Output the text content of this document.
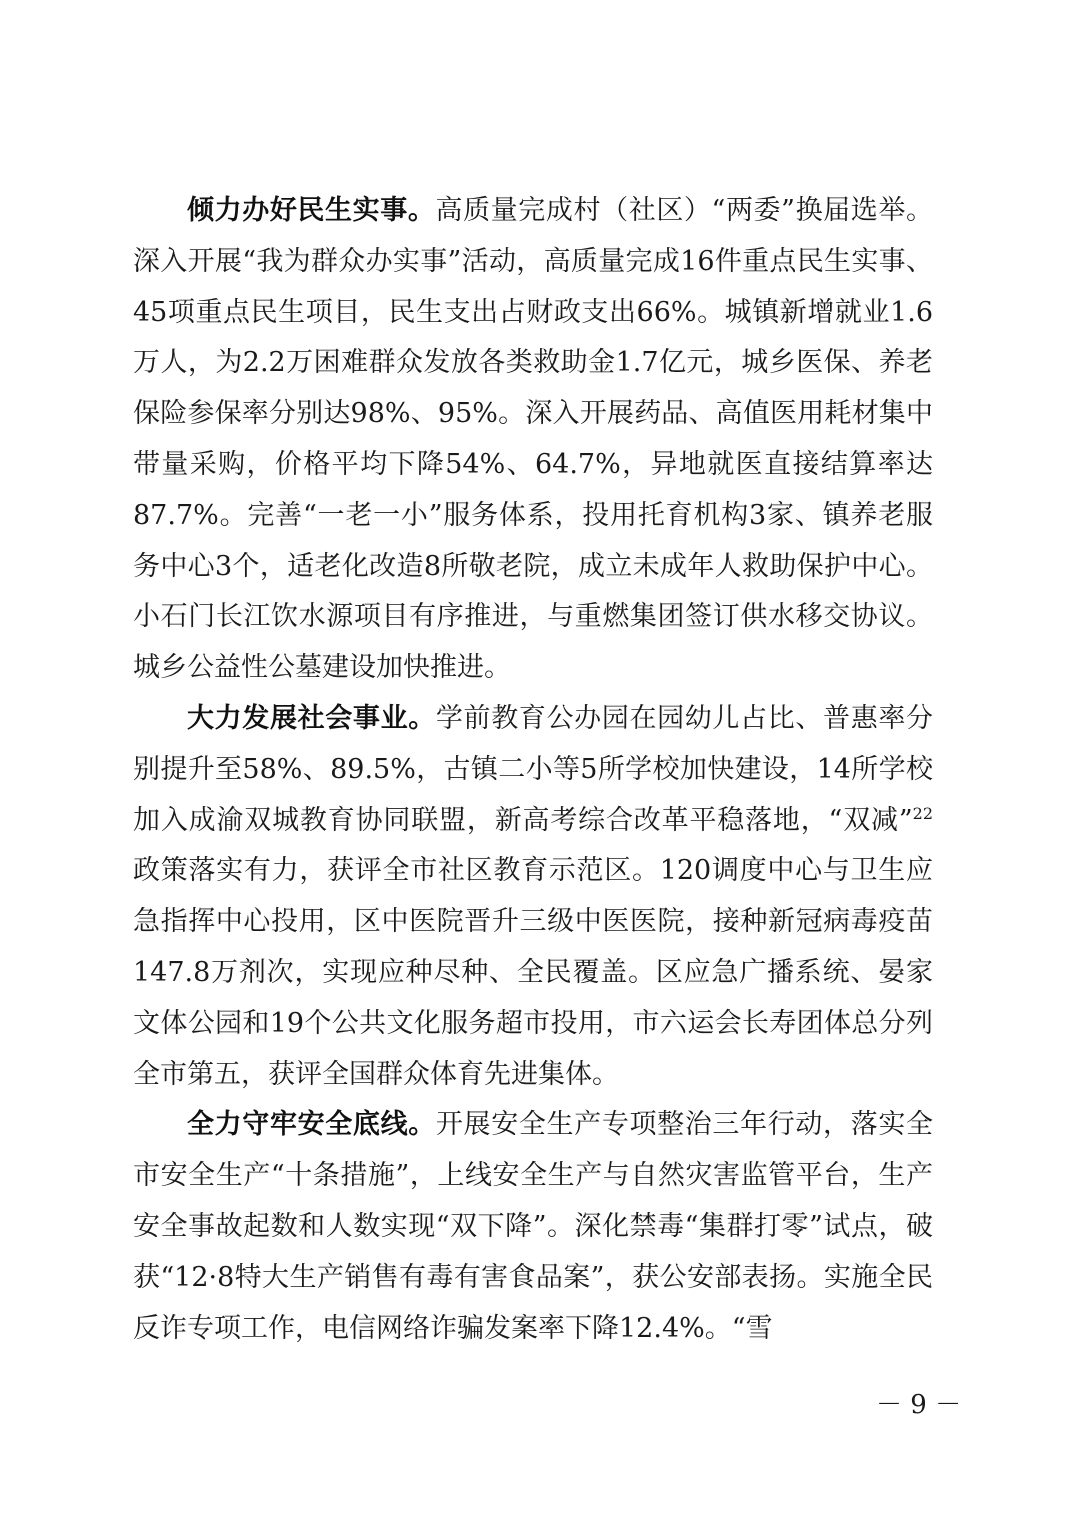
倾力办好民生实事。高质量完成村（社区）“两委”换届选举。深入开展“我为群众办实事”活动，高质量完成16件重点民生实事、45项重点民生项目，民生支出占财政支出66%。城镇新增就业1.6万人，为2.2万困难群众发放各类救助金1.7亿元，城乡医保、养老保险参保率分别达98%、95%。深入开展药品、高值医用耗材集中带量采购，价格平均下降54%、64.7%，异地就医直接结算率达87.7%。完善“一老一小”服务体系，投用托育机构3家、镇养老服务中心3个，适老化改造8所敬老院，成立未成年人救助保护中心。小石门长江饮水源项目有序推进，与重燃集团签订供水移交协议。城乡公益性公墓建设加快推进。

大力发展社会事业。学前教育公办园在园幼儿占比、普惠率分别提升至58%、89.5%，古镇二小等5所学校加快建设，14所学校加入成渝双城教育协同联盟，新高考综合改革平稳落地，“双减”$^{22}$政策落实有力，获评全市社区教育示范区。120调度中心与卫生应急指挥中心投用，区中医院晋升三级中医医院，接种新冠病毒疫苗147.8万剂次，实现应种尽种、全民覆盖。区应急广播系统、晏家文体公园和19个公共文化服务超市投用，市六运会长寿团体总分列全市第五，获评全国群众体育先进集体。

全力守牢安全底线。开展安全生产专项整治三年行动，落实全市安全生产“十条措施”，上线安全生产与自然灾害监管平台，生产安全事故起数和人数实现“双下降”。深化禁毒“集群打零”试点，破获“12·8特大生产销售有毒有害食品案”，获公安部表扬。实施全民反诈专项工作，电信网络诈骗发案率下降12.4%。“雪

－ 9 －
